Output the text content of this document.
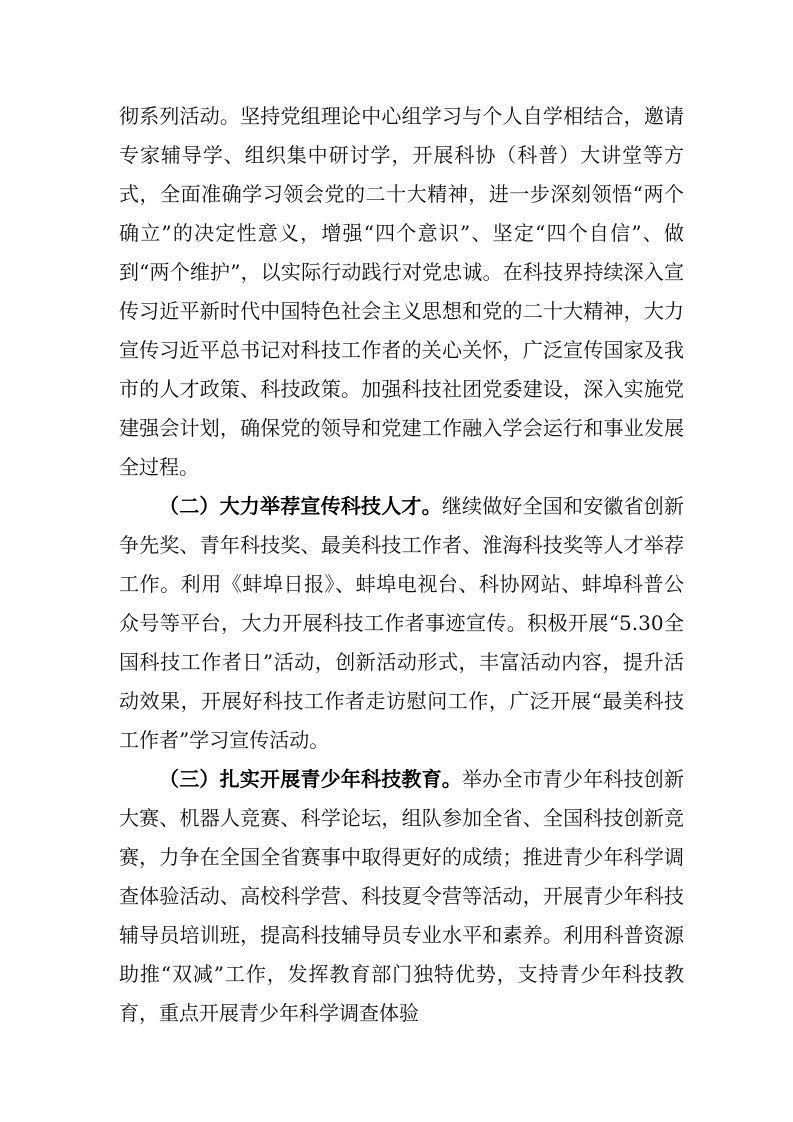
彻系列活动。坚持党组理论中心组学习与个人自学相结合，邀请专家辅导学、组织集中研讨学，开展科协（科普）大讲堂等方式，全面准确学习领会党的二十大精神，进一步深刻领悟“两个确立”的决定性意义，增强“四个意识”、坚定“四个自信”、做到“两个维护”，以实际行动践行对党忠诚。在科技界持续深入宣传习近平新时代中国特色社会主义思想和党的二十大精神，大力宣传习近平总书记对科技工作者的关心关怀，广泛宣传国家及我市的人才政策、科技政策。加强科技社团党委建设，深入实施党建强会计划，确保党的领导和党建工作融入学会运行和事业发展全过程。

（二）大力举荐宣传科技人才。继续做好全国和安徽省创新争先奖、青年科技奖、最美科技工作者、淮海科技奖等人才举荐工作。利用《蚌埠日报》、蚌埠电视台、科协网站、蚌埠科普公众号等平台，大力开展科技工作者事迹宣传。积极开展“5.30全国科技工作者日”活动，创新活动形式，丰富活动内容，提升活动效果，开展好科技工作者走访慰问工作，广泛开展“最美科技工作者”学习宣传活动。

（三）扎实开展青少年科技教育。举办全市青少年科技创新大赛、机器人竞赛、科学论坛，组队参加全省、全国科技创新竞赛，力争在全国全省赛事中取得更好的成绩；推进青少年科学调查体验活动、高校科学营、科技夏令营等活动，开展青少年科技辅导员培训班，提高科技辅导员专业水平和素养。利用科普资源助推“双减”工作，发挥教育部门独特优势，支持青少年科技教育，重点开展青少年科学调查体验
